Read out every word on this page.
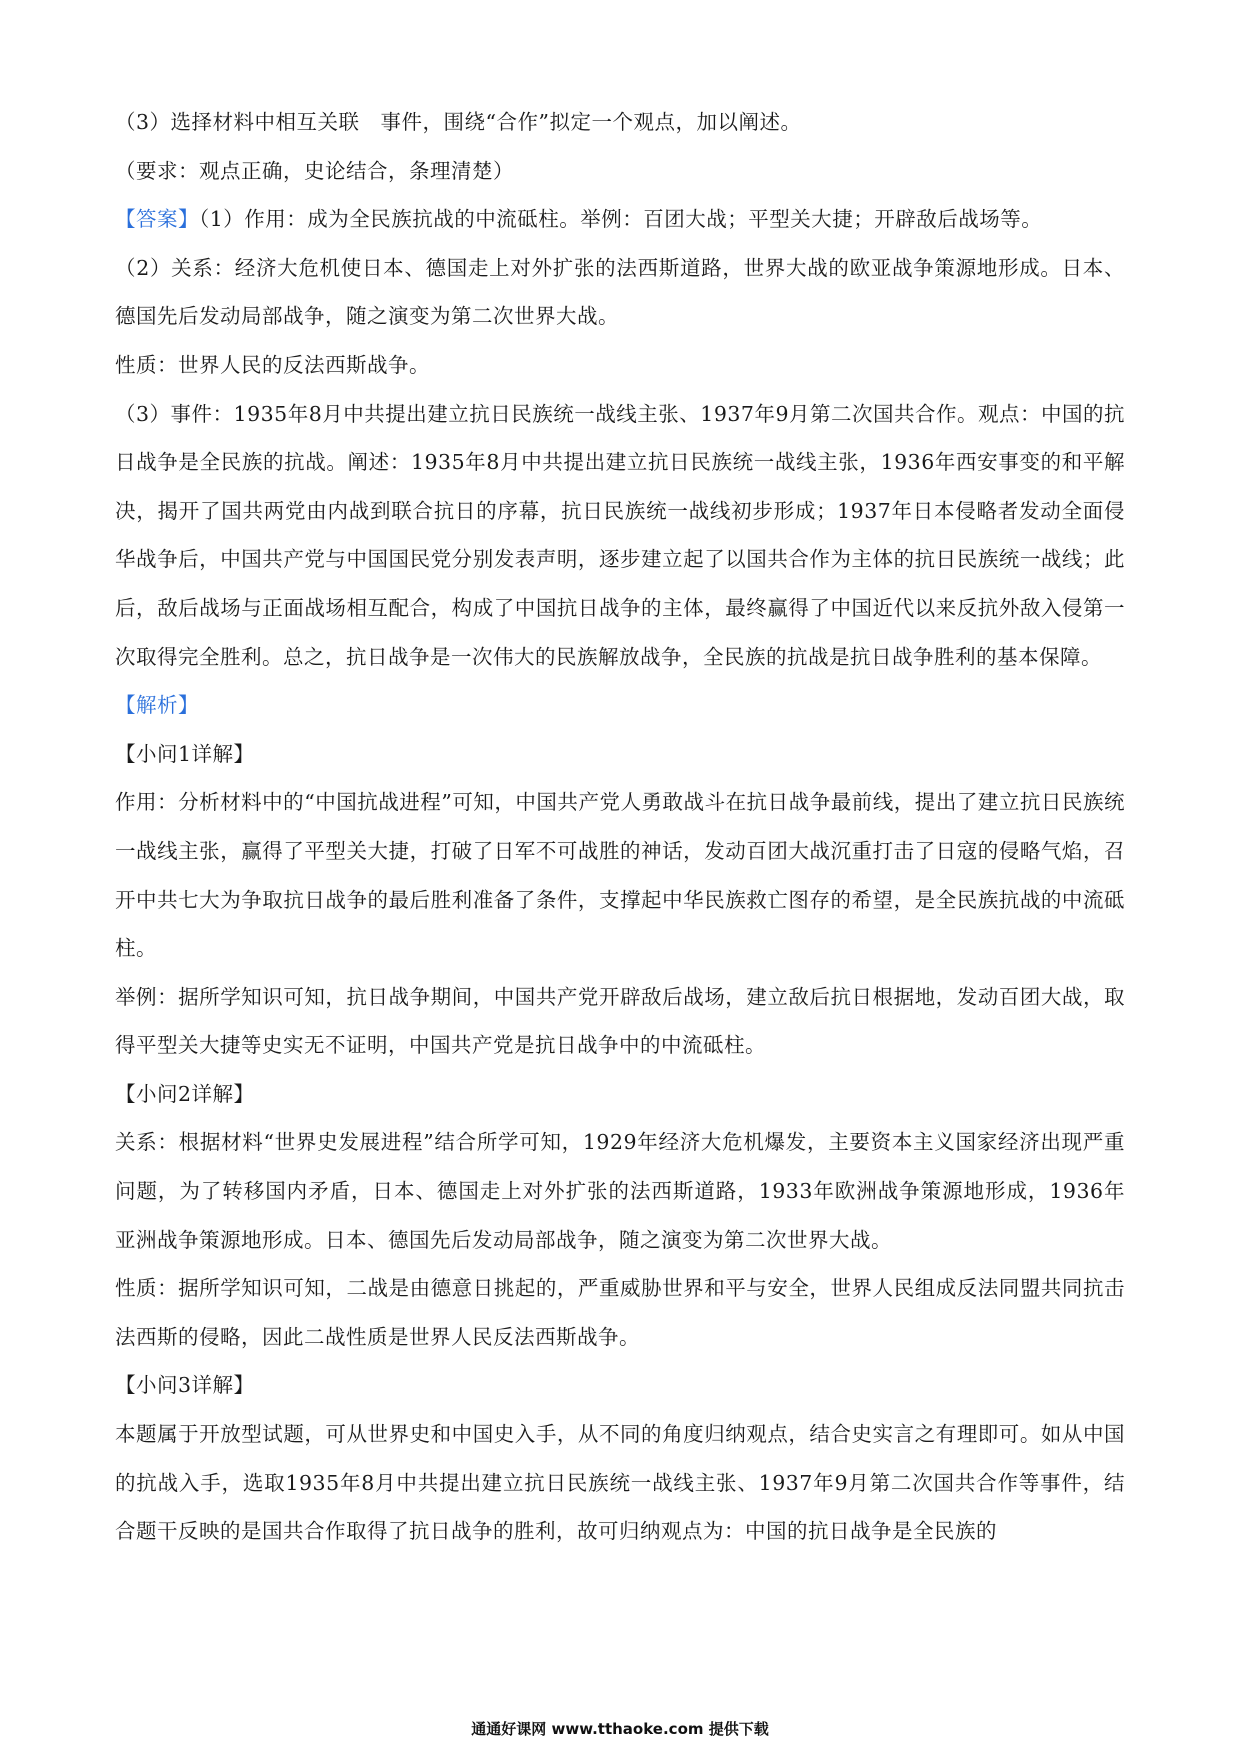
（3）选择材料中相互关联　事件，围绕“合作”拟定一个观点，加以阐述。

（要求：观点正确，史论结合，条理清楚）

【答案】（1）作用：成为全民族抗战的中流砥柱。举例：百团大战；平型关大捷；开辟敌后战场等。

（2）关系：经济大危机使日本、德国走上对外扩张的法西斯道路，世界大战的欧亚战争策源地形成。日本、德国先后发动局部战争，随之演变为第二次世界大战。

性质：世界人民的反法西斯战争。

（3）事件：1935年8月中共提出建立抗日民族统一战线主张、1937年9月第二次国共合作。观点：中国的抗日战争是全民族的抗战。阐述：1935年8月中共提出建立抗日民族统一战线主张，1936年西安事变的和平解决，揭开了国共两党由内战到联合抗日的序幕，抗日民族统一战线初步形成；1937年日本侵略者发动全面侵华战争后，中国共产党与中国国民党分别发表声明，逐步建立起了以国共合作为主体的抗日民族统一战线；此后，敌后战场与正面战场相互配合，构成了中国抗日战争的主体，最终赢得了中国近代以来反抗外敌入侵第一次取得完全胜利。总之，抗日战争是一次伟大的民族解放战争，全民族的抗战是抗日战争胜利的基本保障。

【解析】

【小问1详解】

作用：分析材料中的“中国抗战进程”可知，中国共产党人勇敢战斗在抗日战争最前线，提出了建立抗日民族统一战线主张，赢得了平型关大捷，打破了日军不可战胜的神话，发动百团大战沉重打击了日寇的侵略气焰，召开中共七大为争取抗日战争的最后胜利准备了条件，支撑起中华民族救亡图存的希望，是全民族抗战的中流砥柱。

举例：据所学知识可知，抗日战争期间，中国共产党开辟敌后战场，建立敌后抗日根据地，发动百团大战，取得平型关大捷等史实无不证明，中国共产党是抗日战争中的中流砥柱。

【小问2详解】

关系：根据材料“世界史发展进程”结合所学可知，1929年经济大危机爆发，主要资本主义国家经济出现严重问题，为了转移国内矛盾，日本、德国走上对外扩张的法西斯道路，1933年欧洲战争策源地形成，1936年亚洲战争策源地形成。日本、德国先后发动局部战争，随之演变为第二次世界大战。

性质：据所学知识可知，二战是由德意日挑起的，严重威胁世界和平与安全，世界人民组成反法同盟共同抗击法西斯的侵略，因此二战性质是世界人民反法西斯战争。

【小问3详解】

本题属于开放型试题，可从世界史和中国史入手，从不同的角度归纳观点，结合史实言之有理即可。如从中国的抗战入手，选取1935年8月中共提出建立抗日民族统一战线主张、1937年9月第二次国共合作等事件，结合题干反映的是国共合作取得了抗日战争的胜利，故可归纳观点为：中国的抗日战争是全民族的

通通好课网 www.tthaoke.com 提供下载
